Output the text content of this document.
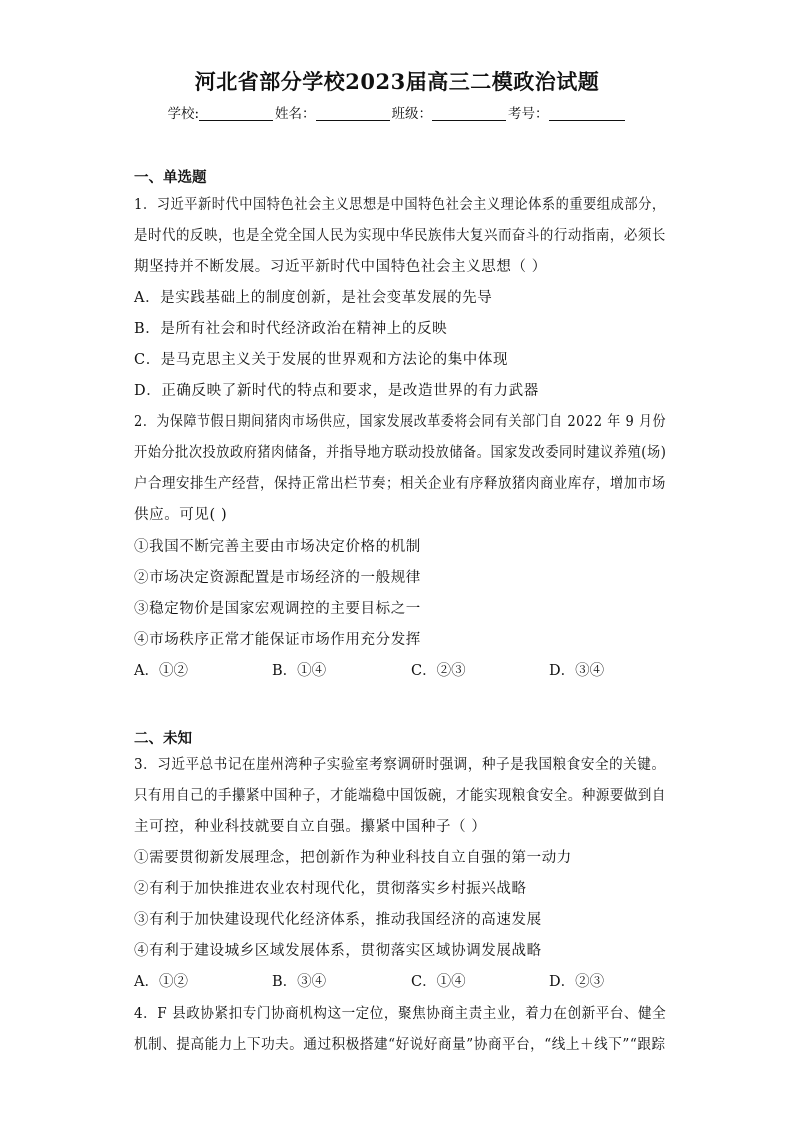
河北省部分学校2023届高三二模政治试题
学校:	姓名：	班级：	考号：
一、单选题
1．习近平新时代中国特色社会主义思想是中国特色社会主义理论体系的重要组成部分，
是时代的反映，也是全党全国人民为实现中华民族伟大复兴而奋斗的行动指南，必须长
期坚持并不断发展。习近平新时代中国特色社会主义思想（ ）
A．是实践基础上的制度创新，是社会变革发展的先导
B．是所有社会和时代经济政治在精神上的反映
C．是马克思主义关于发展的世界观和方法论的集中体现
D．正确反映了新时代的特点和要求，是改造世界的有力武器
2．为保障节假日期间猪肉市场供应，国家发展改革委将会同有关部门自 2022 年 9 月份
开始分批次投放政府猪肉储备，并指导地方联动投放储备。国家发改委同时建议养殖(场)
户合理安排生产经营，保持正常出栏节奏；相关企业有序释放猪肉商业库存，增加市场
供应。可见( )
①我国不断完善主要由市场决定价格的机制
②市场决定资源配置是市场经济的一般规律
③稳定物价是国家宏观调控的主要目标之一
④市场秩序正常才能保证市场作用充分发挥
A．①②	B．①④	C．②③	D．③④
二、未知
3．习近平总书记在崖州湾种子实验室考察调研时强调，种子是我国粮食安全的关键。
只有用自己的手攥紧中国种子，才能端稳中国饭碗，才能实现粮食安全。种源要做到自
主可控，种业科技就要自立自强。攥紧中国种子（ ）
①需要贯彻新发展理念，把创新作为种业科技自立自强的第一动力
②有利于加快推进农业农村现代化，贯彻落实乡村振兴战略
③有利于加快建设现代化经济体系，推动我国经济的高速发展
④有利于建设城乡区域发展体系，贯彻落实区域协调发展战略
A．①②	B．③④	C．①④	D．②③
4．F 县政协紧扣专门协商机构这一定位，聚焦协商主责主业，着力在创新平台、健全
机制、提高能力上下功夫。通过积极搭建“好说好商量”协商平台，“线上＋线下”“跟踪
